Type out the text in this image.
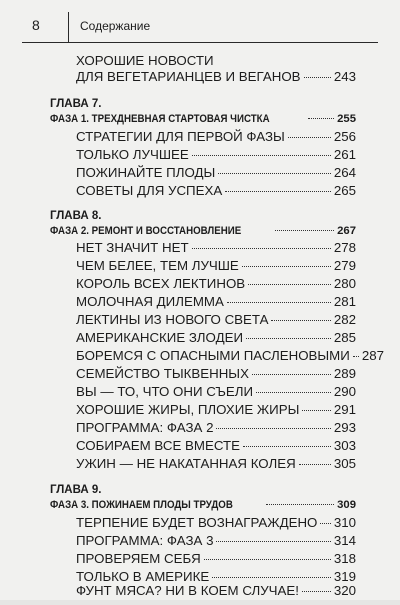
8	Содержание
ХОРОШИЕ НОВОСТИ
ДЛЯ ВЕГЕТАРИАНЦЕВ И ВЕГАНОВ	243
ГЛАВА 7.
ФАЗА 1. ТРЕХДНЕВНАЯ СТАРТОВАЯ ЧИСТКА	255
СТРАТЕГИИ ДЛЯ ПЕРВОЙ ФАЗЫ	256
ТОЛЬКО ЛУЧШЕЕ	261
ПОЖИНАЙТЕ ПЛОДЫ	264
СОВЕТЫ ДЛЯ УСПЕХА	265
ГЛАВА 8.
ФАЗА 2. РЕМОНТ И ВОССТАНОВЛЕНИЕ	267
НЕТ ЗНАЧИТ НЕТ	278
ЧЕМ БЕЛЕЕ, ТЕМ ЛУЧШЕ	279
КОРОЛЬ ВСЕХ ЛЕКТИНОВ	280
МОЛОЧНАЯ ДИЛЕММА	281
ЛЕКТИНЫ ИЗ НОВОГО СВЕТА	282
АМЕРИКАНСКИЕ ЗЛОДЕИ	285
БОРЕМСЯ С ОПАСНЫМИ ПАСЛЕНОВЫМИ 287
СЕМЕЙСТВО ТЫКВЕННЫХ	289
ВЫ — ТО, ЧТО ОНИ СЪЕЛИ	290
ХОРОШИЕ ЖИРЫ, ПЛОХИЕ ЖИРЫ	291
ПРОГРАММА: ФАЗА 2	293
СОБИРАЕМ ВСЕ ВМЕСТЕ	303
УЖИН — НЕ НАКАТАННАЯ КОЛЕЯ	305
ГЛАВА 9.
ФАЗА 3. ПОЖИНАЕМ ПЛОДЫ ТРУДОВ	309
ТЕРПЕНИЕ БУДЕТ ВОЗНАГРАЖДЕНО 310
ПРОГРАММА: ФАЗА 3	314
ПРОВЕРЯЕМ СЕБЯ	318
ТОЛЬКО В АМЕРИКЕ	319
ФУНТ МЯСА? НИ В КОЕМ СЛУЧАЕ!	320
